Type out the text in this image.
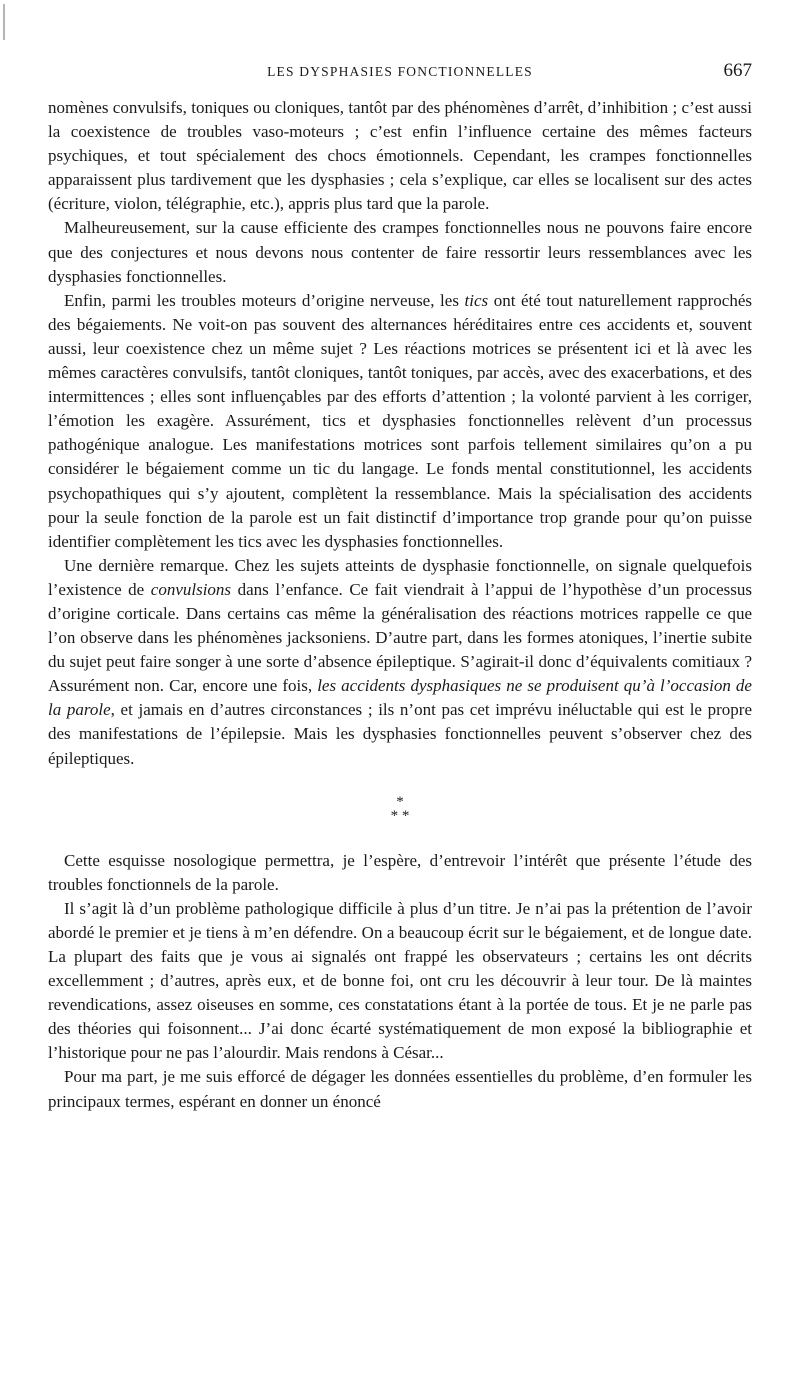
LES DYSPHASIES FONCTIONNELLES	667

nomènes convulsifs, toniques ou cloniques, tantôt par des phénomènes d’arrêt, d’inhibition ; c’est aussi la coexistence de troubles vaso-moteurs ; c’est enfin l’influence certaine des mêmes facteurs psychiques, et tout spécialement des chocs émotionnels. Cependant, les crampes fonctionnelles apparaissent plus tardivement que les dysphasies ; cela s’explique, car elles se localisent sur des actes (écriture, violon, télégraphie, etc.), appris plus tard que la parole.

Malheureusement, sur la cause efficiente des crampes fonctionnelles nous ne pouvons faire encore que des conjectures et nous devons nous contenter de faire ressortir leurs ressemblances avec les dysphasies fonctionnelles.

Enfin, parmi les troubles moteurs d’origine nerveuse, les tics ont été tout naturellement rapprochés des bégaiements. Ne voit-on pas souvent des alternances héréditaires entre ces accidents et, souvent aussi, leur coexistence chez un même sujet ? Les réactions motrices se présentent ici et là avec les mêmes caractères convulsifs, tantôt cloniques, tantôt toniques, par accès, avec des exacerbations, et des intermittences ; elles sont influençables par des efforts d’attention ; la volonté parvient à les corriger, l’émotion les exagère. Assurément, tics et dysphasies fonctionnelles relèvent d’un processus pathogénique analogue. Les manifestations motrices sont parfois tellement similaires qu’on a pu considérer le bégaiement comme un tic du langage. Le fonds mental constitutionnel, les accidents psychopathiques qui s’y ajoutent, complètent la ressemblance. Mais la spécialisation des accidents pour la seule fonction de la parole est un fait distinctif d’importance trop grande pour qu’on puisse identifier complètement les tics avec les dysphasies fonctionnelles.

Une dernière remarque. Chez les sujets atteints de dysphasie fonctionnelle, on signale quelquefois l’existence de convulsions dans l’enfance. Ce fait viendrait à l’appui de l’hypothèse d’un processus d’origine corticale. Dans certains cas même la généralisation des réactions motrices rappelle ce que l’on observe dans les phénomènes jacksoniens. D’autre part, dans les formes atoniques, l’inertie subite du sujet peut faire songer à une sorte d’absence épileptique. S’agirait-il donc d’équivalents comitiaux ? Assurément non. Car, encore une fois, les accidents dysphasiques ne se produisent qu’à l’occasion de la parole, et jamais en d’autres circonstances ; ils n’ont pas cet imprévu inéluctable qui est le propre des manifestations de l’épilepsie. Mais les dysphasies fonctionnelles peuvent s’observer chez des épileptiques.

*
* *

Cette esquisse nosologique permettra, je l’espère, d’entrevoir l’intérêt que présente l’étude des troubles fonctionnels de la parole.

Il s’agit là d’un problème pathologique difficile à plus d’un titre. Je n’ai pas la prétention de l’avoir abordé le premier et je tiens à m’en défendre. On a beaucoup écrit sur le bégaiement, et de longue date. La plupart des faits que je vous ai signalés ont frappé les observateurs ; certains les ont décrits excellemment ; d’autres, après eux, et de bonne foi, ont cru les découvrir à leur tour. De là maintes revendications, assez oiseuses en somme, ces constatations étant à la portée de tous. Et je ne parle pas des théories qui foisonnent... J’ai donc écarté systématiquement de mon exposé la bibliographie et l’historique pour ne pas l’alourdir. Mais rendons à César...

Pour ma part, je me suis efforcé de dégager les données essentielles du problème, d’en formuler les principaux termes, espérant en donner un énoncé
